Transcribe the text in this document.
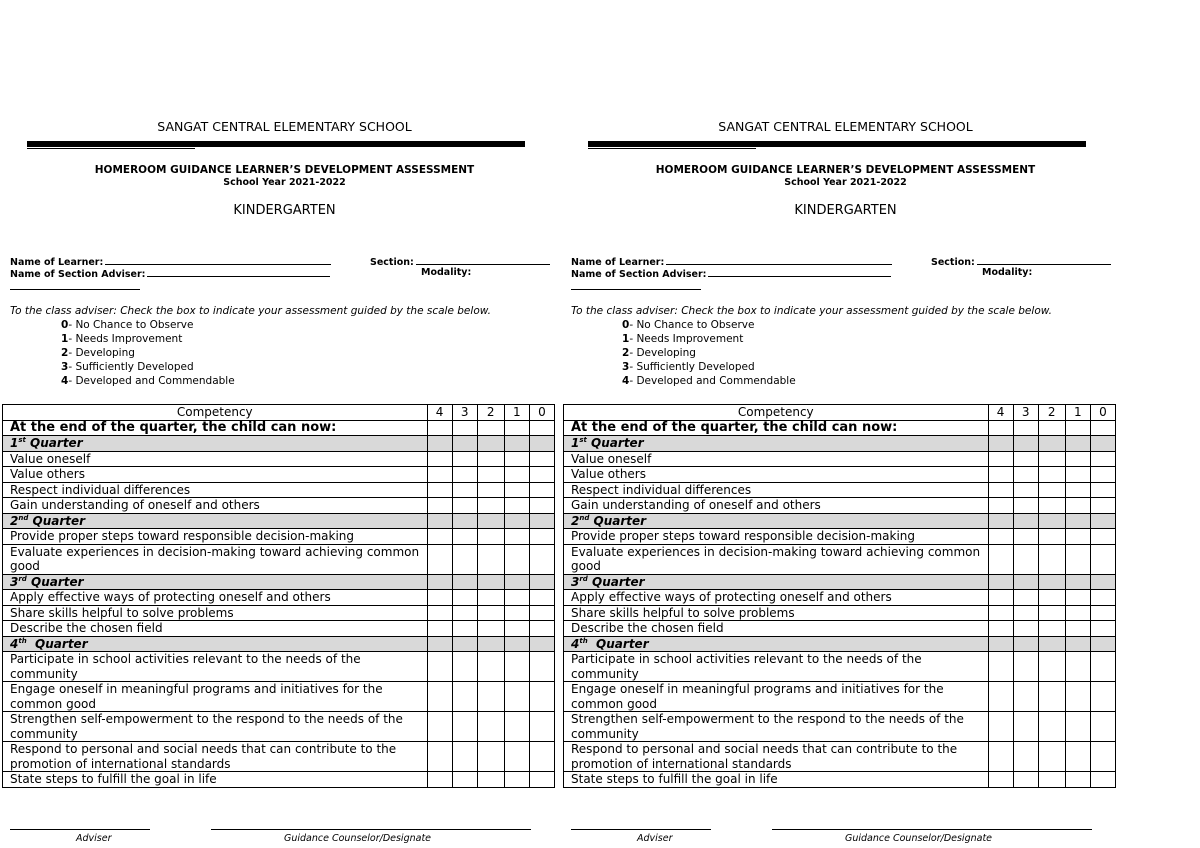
SANGAT CENTRAL ELEMENTARY SCHOOL
HOMEROOM GUIDANCE LEARNER’S DEVELOPMENT ASSESSMENT
School Year 2021-2022
KINDERGARTEN
Name of Learner:	Section:
Name of Section Adviser:	Modality:
To the class adviser: Check the box to indicate your assessment guided by the scale below.
0- No Chance to Observe
1- Needs Improvement
2- Developing
3- Sufficiently Developed
4- Developed and Commendable
Competency	4	3	2	1	0
At the end of the quarter, the child can now:					
1st Quarter					
Value oneself					
Value others					
Respect individual differences					
Gain understanding of oneself and others					
2nd Quarter					
Provide proper steps toward responsible decision-making					
Evaluate experiences in decision-making toward achieving common good					
3rd Quarter					
Apply effective ways of protecting oneself and others					
Share skills helpful to solve problems					
Describe the chosen field					
4th  Quarter					
Participate in school activities relevant to the needs of the community					
Engage oneself in meaningful programs and initiatives for the common good					
Strengthen self-empowerment to the respond to the needs of the community					
Respond to personal and social needs that can contribute to the promotion of international standards					
State steps to fulfill the goal in life					
Adviser	Guidance Counselor/Designate
SANGAT CENTRAL ELEMENTARY SCHOOL
HOMEROOM GUIDANCE LEARNER’S DEVELOPMENT ASSESSMENT
School Year 2021-2022
KINDERGARTEN
Name of Learner:	Section:
Name of Section Adviser:	Modality:
To the class adviser: Check the box to indicate your assessment guided by the scale below.
0- No Chance to Observe
1- Needs Improvement
2- Developing
3- Sufficiently Developed
4- Developed and Commendable
Competency	4	3	2	1	0
At the end of the quarter, the child can now:					
1st Quarter					
Value oneself					
Value others					
Respect individual differences					
Gain understanding of oneself and others					
2nd Quarter					
Provide proper steps toward responsible decision-making					
Evaluate experiences in decision-making toward achieving common good					
3rd Quarter					
Apply effective ways of protecting oneself and others					
Share skills helpful to solve problems					
Describe the chosen field					
4th  Quarter					
Participate in school activities relevant to the needs of the community					
Engage oneself in meaningful programs and initiatives for the common good					
Strengthen self-empowerment to the respond to the needs of the community					
Respond to personal and social needs that can contribute to the promotion of international standards					
State steps to fulfill the goal in life					
Adviser	Guidance Counselor/Designate
